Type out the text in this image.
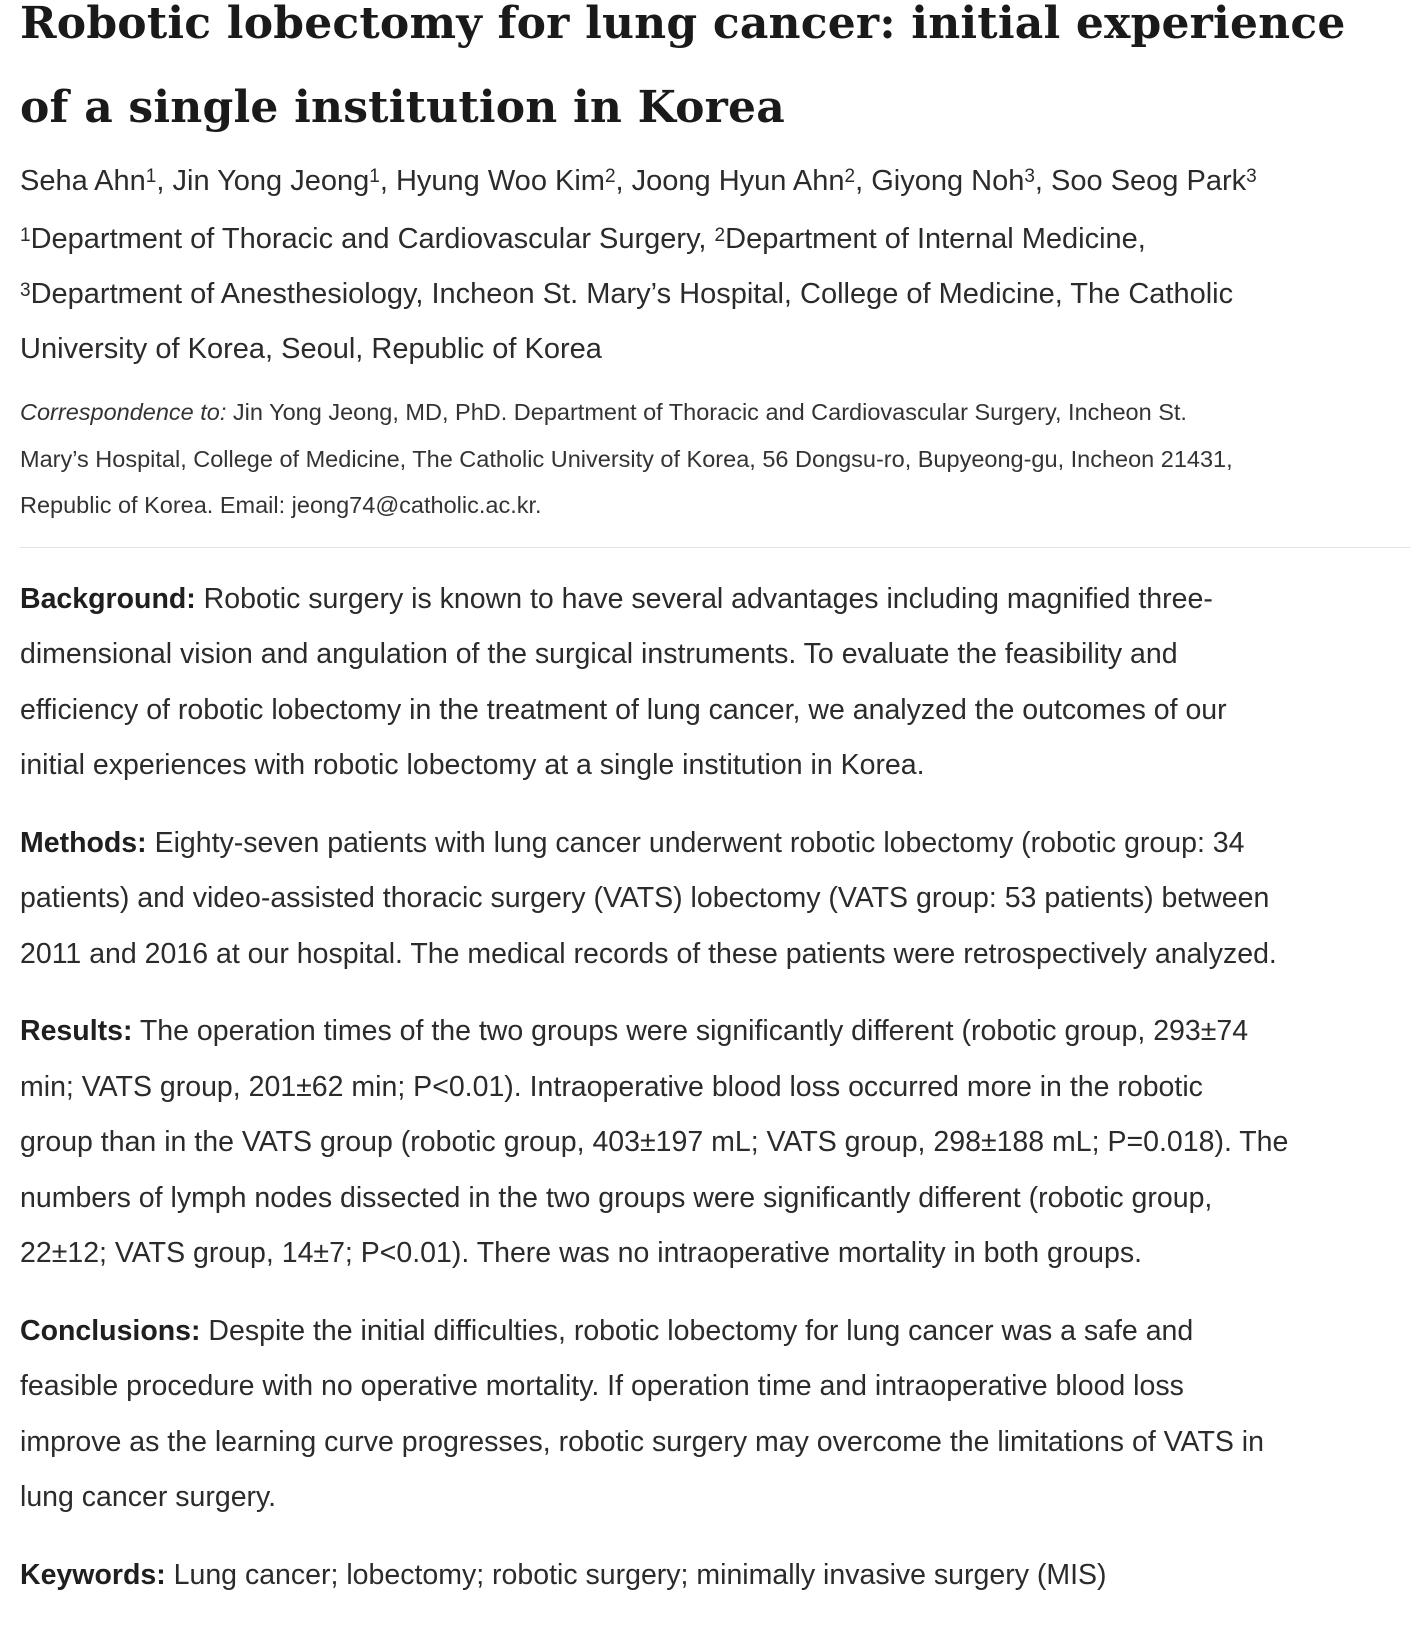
Robotic lobectomy for lung cancer: initial experience
of a single institution in Korea
Seha Ahn$^1$, Jin Yong Jeong$^1$, Hyung Woo Kim$^2$, Joong Hyun Ahn$^2$, Giyong Noh$^3$, Soo Seog Park$^3$
$^1$Department of Thoracic and Cardiovascular Surgery, $^2$Department of Internal Medicine,
$^3$Department of Anesthesiology, Incheon St. Mary’s Hospital, College of Medicine, The Catholic
University of Korea, Seoul, Republic of Korea
Correspondence to: Jin Yong Jeong, MD, PhD. Department of Thoracic and Cardiovascular Surgery, Incheon St.
Mary’s Hospital, College of Medicine, The Catholic University of Korea, 56 Dongsu-ro, Bupyeong-gu, Incheon 21431,
Republic of Korea. Email: jeong74@catholic.ac.kr.
Background: Robotic surgery is known to have several advantages including magnified three-
dimensional vision and angulation of the surgical instruments. To evaluate the feasibility and
efficiency of robotic lobectomy in the treatment of lung cancer, we analyzed the outcomes of our
initial experiences with robotic lobectomy at a single institution in Korea.
Methods: Eighty-seven patients with lung cancer underwent robotic lobectomy (robotic group: 34
patients) and video-assisted thoracic surgery (VATS) lobectomy (VATS group: 53 patients) between
2011 and 2016 at our hospital. The medical records of these patients were retrospectively analyzed.
Results: The operation times of the two groups were significantly different (robotic group, 293±74
min; VATS group, 201±62 min; P<0.01). Intraoperative blood loss occurred more in the robotic
group than in the VATS group (robotic group, 403±197 mL; VATS group, 298±188 mL; P=0.018). The
numbers of lymph nodes dissected in the two groups were significantly different (robotic group,
22±12; VATS group, 14±7; P<0.01). There was no intraoperative mortality in both groups.
Conclusions: Despite the initial difficulties, robotic lobectomy for lung cancer was a safe and
feasible procedure with no operative mortality. If operation time and intraoperative blood loss
improve as the learning curve progresses, robotic surgery may overcome the limitations of VATS in
lung cancer surgery.
Keywords: Lung cancer; lobectomy; robotic surgery; minimally invasive surgery (MIS)
